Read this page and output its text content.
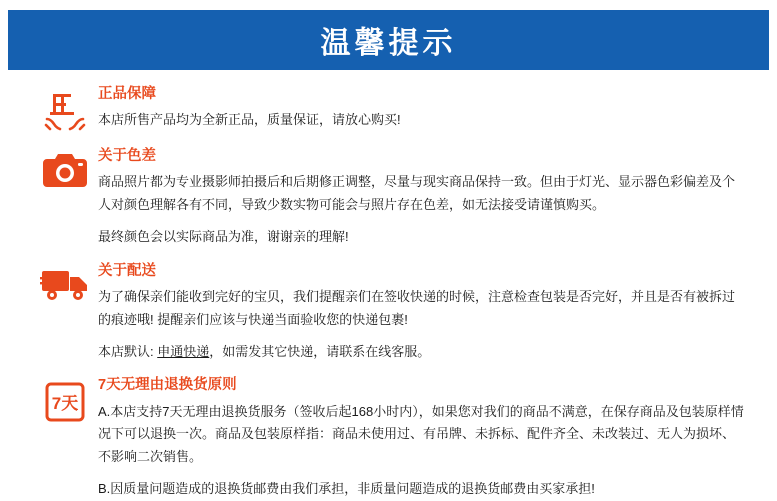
温馨提示

正品保障

本店所售产品均为全新正品，质量保证，请放心购买!

关于色差

商品照片都为专业摄影师拍摄后和后期修正调整，尽量与现实商品保持一致。但由于灯光、显示器色彩偏差及个人对颜色理解各有不同，导致少数实物可能会与照片存在色差，如无法接受请谨慎购买。

最终颜色会以实际商品为准，谢谢亲的理解!

关于配送

为了确保亲们能收到完好的宝贝，我们提醒亲们在签收快递的时候，注意检查包装是否完好，并且是否有被拆过的痕迹哦! 提醒亲们应该与快递当面验收您的快递包裹!

本店默认: 申通快递，如需发其它快递，请联系在线客服。

7天

7天无理由退换货原则

A.本店支持7天无理由退换货服务（签收后起168小时内），如果您对我们的商品不满意，在保存商品及包装原样情况下可以退换一次。商品及包装原样指：商品未使用过、有吊牌、未拆标、配件齐全、未改装过、无人为损坏、不影响二次销售。

B.因质量问题造成的退换货邮费由我们承担，非质量问题造成的退换货邮费由买家承担!
